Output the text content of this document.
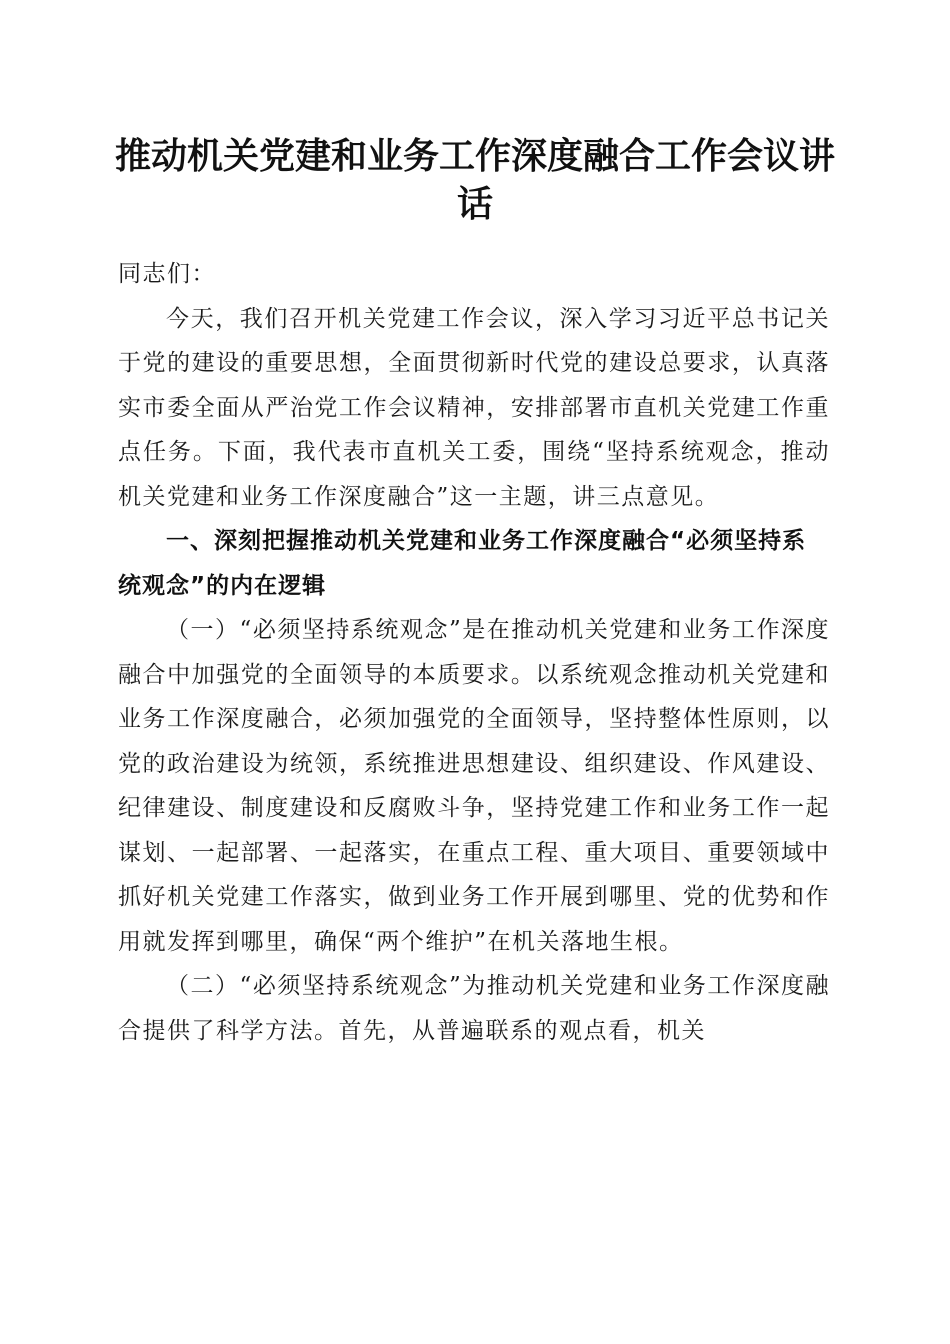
推动机关党建和业务工作深度融合工作会议讲话

同志们：

今天，我们召开机关党建工作会议，深入学习习近平总书记关于党的建设的重要思想，全面贯彻新时代党的建设总要求，认真落实市委全面从严治党工作会议精神，安排部署市直机关党建工作重点任务。下面，我代表市直机关工委，围绕“坚持系统观念，推动机关党建和业务工作深度融合”这一主题，讲三点意见。

一、深刻把握推动机关党建和业务工作深度融合“必须坚持系统观念”的内在逻辑

（一）“必须坚持系统观念”是在推动机关党建和业务工作深度融合中加强党的全面领导的本质要求。以系统观念推动机关党建和业务工作深度融合，必须加强党的全面领导，坚持整体性原则，以党的政治建设为统领，系统推进思想建设、组织建设、作风建设、纪律建设、制度建设和反腐败斗争，坚持党建工作和业务工作一起谋划、一起部署、一起落实，在重点工程、重大项目、重要领域中抓好机关党建工作落实，做到业务工作开展到哪里、党的优势和作用就发挥到哪里，确保“两个维护”在机关落地生根。

（二）“必须坚持系统观念”为推动机关党建和业务工作深度融合提供了科学方法。首先，从普遍联系的观点看，机关
